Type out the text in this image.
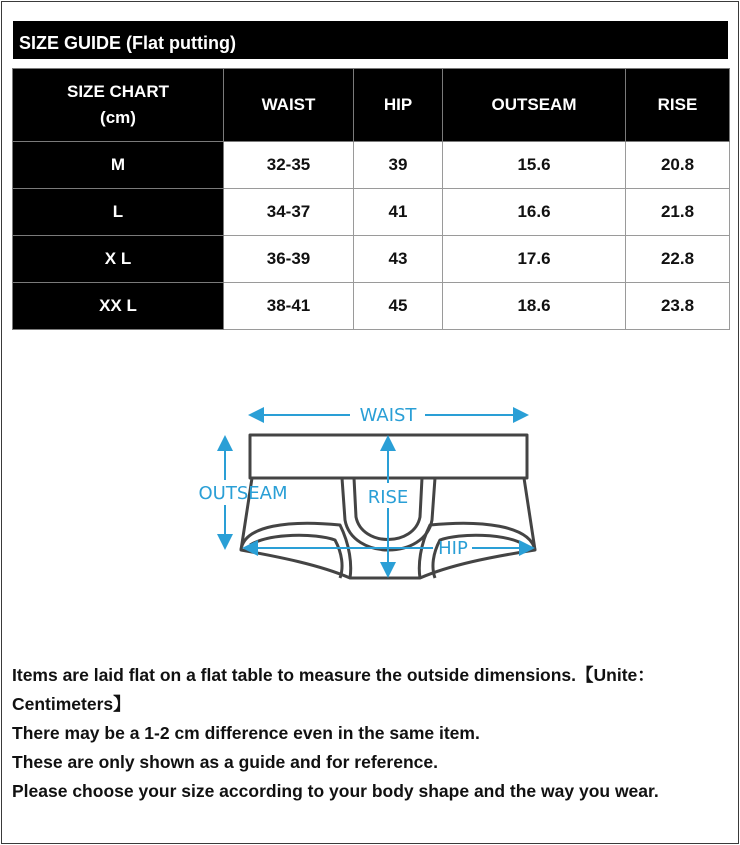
SIZE GUIDE (Flat putting)
SIZE CHART
(cm)	WAIST	HIP	OUTSEAM	RISE
M	32-35	39	15.6	20.8
L	34-37	41	16.6	21.8
X L	36-39	43	17.6	22.8
XX L	38-41	45	18.6	23.8
WAIST
OUTSEAM	RISE
HIP

Items are laid flat on a flat table to measure the outside dimensions.【Unite：Centimeters】

There may be a 1-2 cm difference even in the same item.

These are only shown as a guide and for reference.

Please choose your size according to your body shape and the way you wear.
